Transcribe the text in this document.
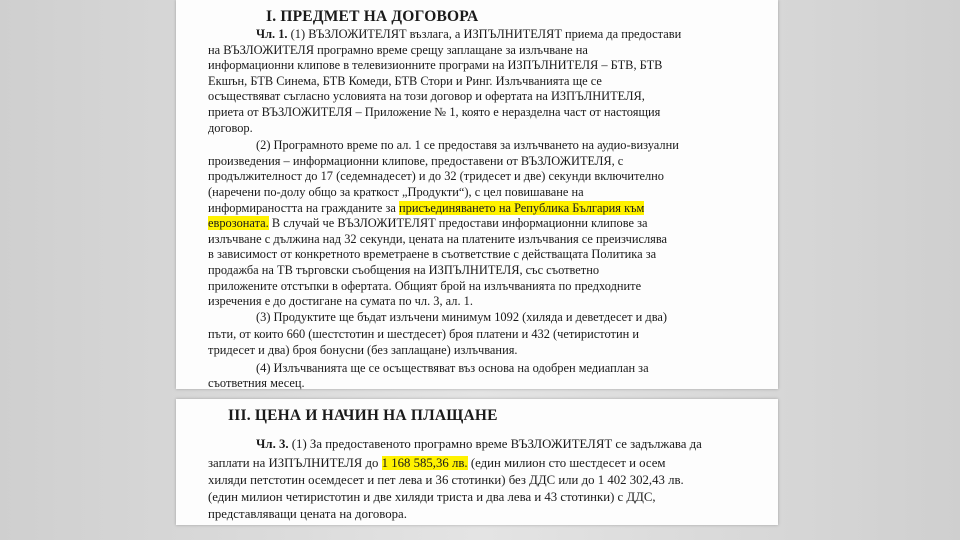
I. ПРЕДМЕТ НА ДОГОВОРА
Чл. 1. (1) ВЪЗЛОЖИТЕЛЯТ възлага, а ИЗПЪЛНИТЕЛЯТ приема да предостави
на ВЪЗЛОЖИТЕЛЯ програмно време срещу заплащане за излъчване на
информационни клипове в телевизионните програми на ИЗПЪЛНИТЕЛЯ – БТВ, БТВ
Екшън, БТВ Синема, БТВ Комеди, БТВ Стори и Ринг. Излъчванията ще се
осъществяват съгласно условията на този договор и офертата на ИЗПЪЛНИТЕЛЯ,
приета от ВЪЗЛОЖИТЕЛЯ – Приложение № 1, която е неразделна част от настоящия
договор.
(2) Програмното време по ал. 1 се предоставя за излъчването на аудио-визуални
произведения – информационни клипове, предоставени от ВЪЗЛОЖИТЕЛЯ, с
продължителност до 17 (седемнадесет) и до 32 (тридесет и две) секунди включително
(наречени по-долу общо за краткост „Продукти“), с цел повишаване на
информираността на гражданите за присъединяването на Република България към
еврозоната. В случай че ВЪЗЛОЖИТЕЛЯТ предостави информационни клипове за
излъчване с дължина над 32 секунди, цената на платените излъчвания се преизчислява
в зависимост от конкретното времетраене в съответствие с действащата Политика за
продажба на ТВ търговски съобщения на ИЗПЪЛНИТЕЛЯ, със съответно
приложените отстъпки в офертата. Общият брой на излъчванията по предходните
изречения е до достигане на сумата по чл. 3, ал. 1.
(3) Продуктите ще бъдат излъчени минимум 1092 (хиляда и деветдесет и два)
пъти, от които 660 (шестстотин и шестдесет) броя платени и 432 (четиристотин и
тридесет и два) броя бонусни (без заплащане) излъчвания.
(4) Излъчванията ще се осъществяват въз основа на одобрен медиаплан за
съответния месец.
III. ЦЕНА И НАЧИН НА ПЛАЩАНЕ
Чл. 3. (1) За предоставеното програмно време ВЪЗЛОЖИТЕЛЯТ се задължава да
заплати на ИЗПЪЛНИТЕЛЯ до 1 168 585,36 лв. (един милион сто шестдесет и осем
хиляди петстотин осемдесет и пет лева и 36 стотинки) без ДДС или до 1 402 302,43 лв.
(един милион четиристотин и две хиляди триста и два лева и 43 стотинки) с ДДС,
представляващи цената на договора.
